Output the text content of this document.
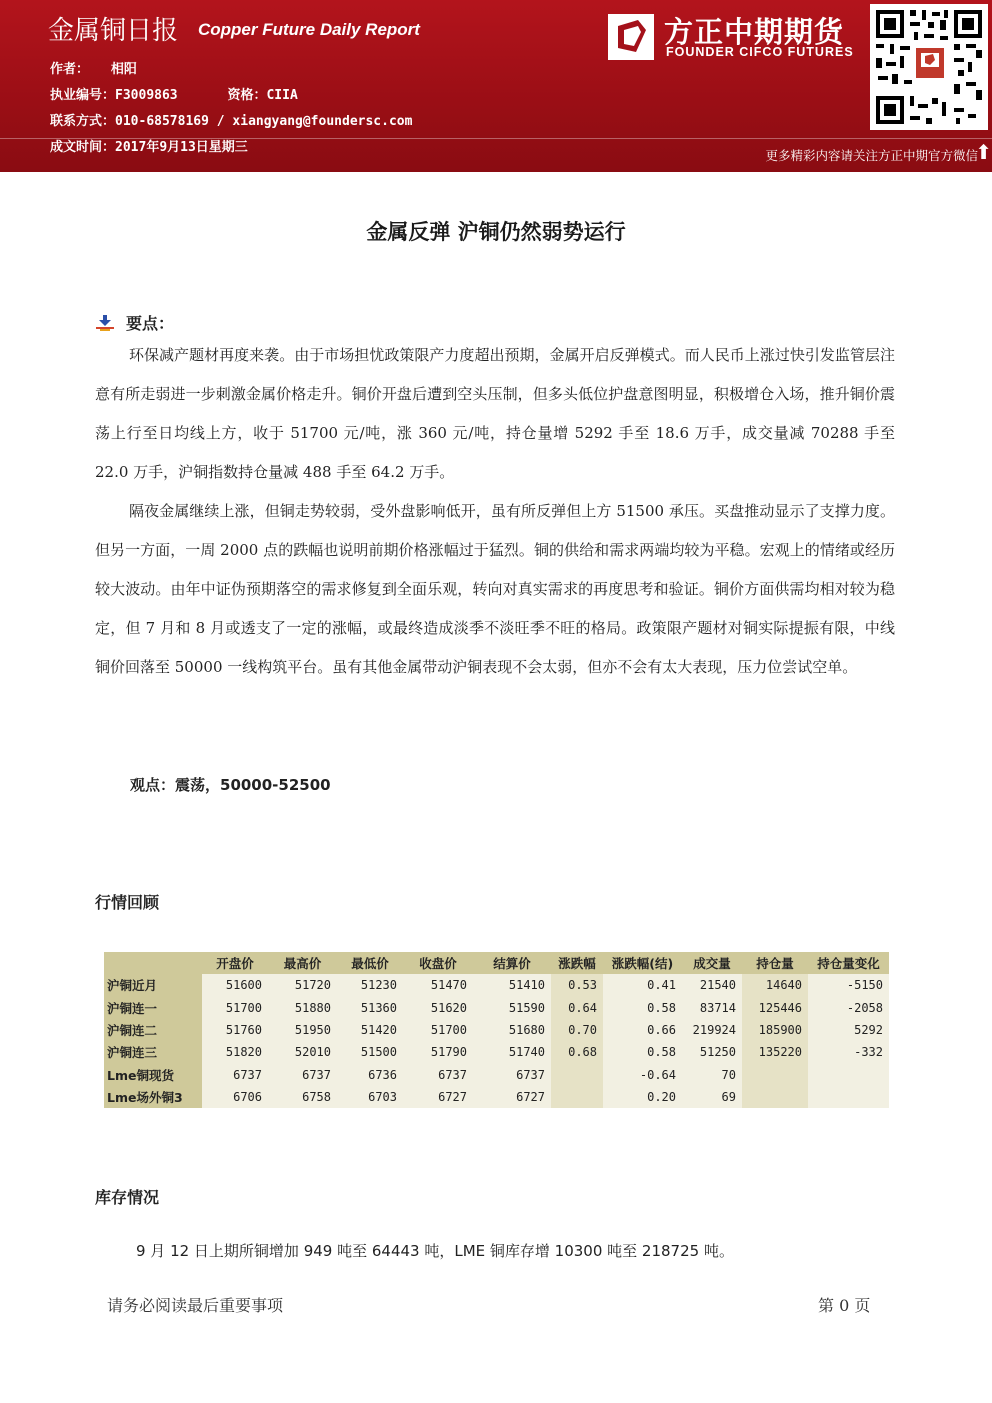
金属铜日报 Copper Future Daily Report
作者： 相阳
执业编号：F3009863	资格：CIIA
联系方式：010-68578169 / xiangyang@foundersc.com
成文时间：2017年9月13日星期三
方正中期期货
FOUNDER CIFCO FUTURES
更多精彩内容请关注方正中期官方微信
⬆
金属反弹 沪铜仍然弱势运行
要点：
环保减产题材再度来袭。由于市场担忧政策限产力度超出预期，金属开启反弹模式。而人民币上涨过快引发监管层注意有所走弱进一步刺激金属价格走升。铜价开盘后遭到空头压制，但多头低位护盘意图明显，积极增仓入场，推升铜价震荡上行至日均线上方，收于 51700 元/吨，涨 360 元/吨，持仓量增 5292 手至 18.6 万手，成交量减 70288 手至 22.0 万手，沪铜指数持仓量减 488 手至 64.2 万手。
隔夜金属继续上涨，但铜走势较弱，受外盘影响低开，虽有所反弹但上方 51500 承压。买盘推动显示了支撑力度。但另一方面，一周 2000 点的跌幅也说明前期价格涨幅过于猛烈。铜的供给和需求两端均较为平稳。宏观上的情绪或经历较大波动。由年中证伪预期落空的需求修复到全面乐观，转向对真实需求的再度思考和验证。铜价方面供需均相对较为稳定，但 7 月和 8 月或透支了一定的涨幅，或最终造成淡季不淡旺季不旺的格局。政策限产题材对铜实际提振有限，中线铜价回落至 50000 一线构筑平台。虽有其他金属带动沪铜表现不会太弱，但亦不会有太大表现，压力位尝试空单。
观点：震荡，50000-52500
行情回顾
	开盘价	最高价	最低价	收盘价	结算价	涨跌幅	涨跌幅(结)	成交量	持仓量	持仓量变化
沪铜近月	51600	51720	51230	51470	51410	0.53	0.41	21540	14640	-5150
沪铜连一	51700	51880	51360	51620	51590	0.64	0.58	83714	125446	-2058
沪铜连二	51760	51950	51420	51700	51680	0.70	0.66	219924	185900	5292
沪铜连三	51820	52010	51500	51790	51740	0.68	0.58	51250	135220	-332
Lme铜现货	6737	6737	6736	6737	6737		-0.64	70		
Lme场外铜3	6706	6758	6703	6727	6727		0.20	69		
库存情况
9 月 12 日上期所铜增加 949 吨至 64443 吨，LME 铜库存增 10300 吨至 218725 吨。
请务必阅读最后重要事项	第 0 页
